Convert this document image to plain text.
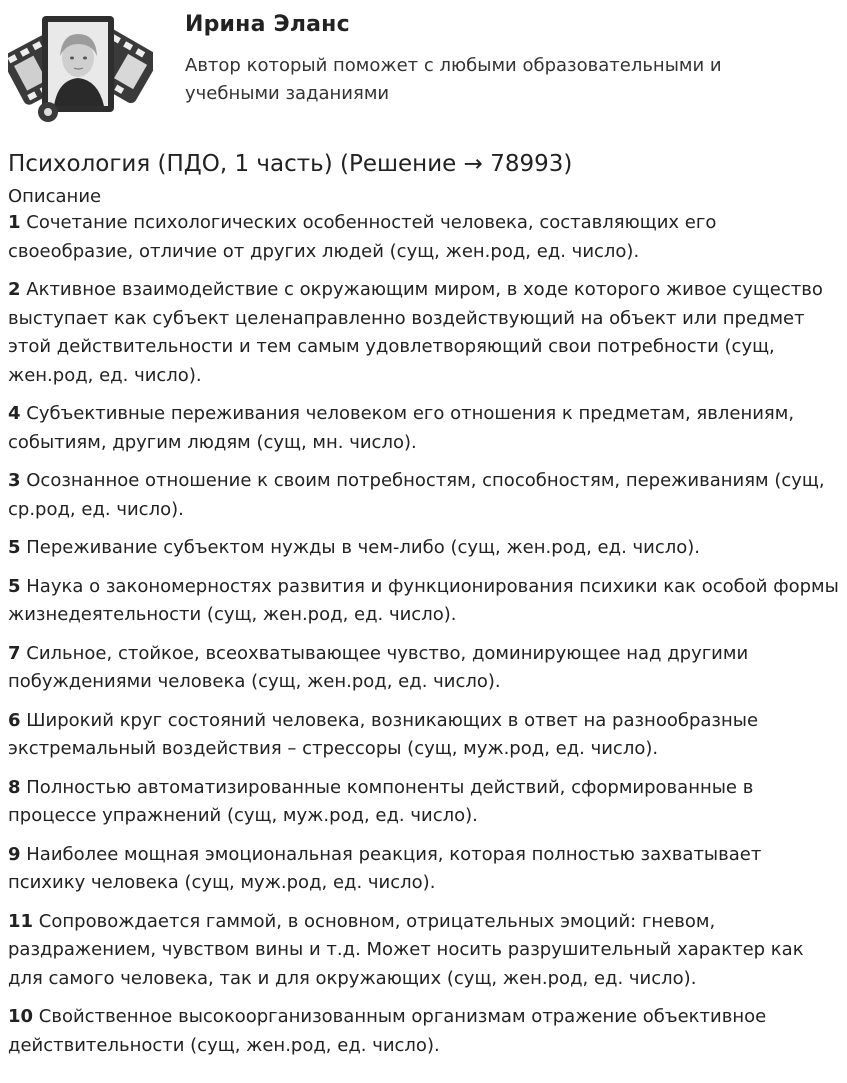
Ирина Эланс

Автор который поможет с любыми образовательными и учебными заданиями

Психология (ПДО, 1 часть) (Решение → 78993)
Описание
1 Сочетание психологических особенностей человека, составляющих его своеобразие, отличие от других людей (сущ, жен.род, ед. число).
2 Активное взаимодействие с окружающим миром, в ходе которого живое существо выступает как субъект целенаправленно воздействующий на объект или предмет этой действительности и тем самым удовлетворяющий свои потребности (сущ, жен.род, ед. число).
4 Субъективные переживания человеком его отношения к предметам, явлениям, событиям, другим людям (сущ, мн. число).
3 Осознанное отношение к своим потребностям, способностям, переживаниям (сущ, ср.род, ед. число).
5 Переживание субъектом нужды в чем-либо (сущ, жен.род, ед. число).
5 Наука о закономерностях развития и функционирования психики как особой формы жизнедеятельности (сущ, жен.род, ед. число).
7 Сильное, стойкое, всеохватывающее чувство, доминирующее над другими побуждениями человека (сущ, жен.род, ед. число).
6 Широкий круг состояний человека, возникающих в ответ на разнообразные экстремальный воздействия – стрессоры (сущ, муж.род, ед. число).
8 Полностью автоматизированные компоненты действий, сформированные в процессе упражнений (сущ, муж.род, ед. число).
9 Наиболее мощная эмоциональная реакция, которая полностью захватывает психику человека (сущ, муж.род, ед. число).
11 Сопровождается гаммой, в основном, отрицательных эмоций: гневом, раздражением, чувством вины и т.д. Может носить разрушительный характер как для самого человека, так и для окружающих (сущ, жен.род, ед. число).
10 Свойственное высокоорганизованным организмам отражение объективное действительности (сущ, жен.род, ед. число).
